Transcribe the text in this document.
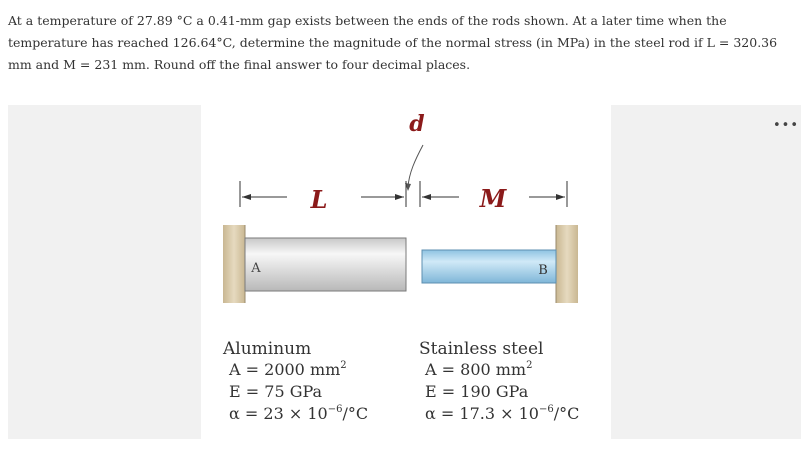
At a temperature of 27.89 °C a 0.41-mm gap exists between the ends of the rods shown. At a later time when the temperature has reached 126.64°C, determine the magnitude of the normal stress (in MPa) in the steel rod if L = 320.36 mm and M = 231 mm. Round off the final answer to four decimal places.
•••
d
L	M
A	B
Aluminum
A = 2000 $mm^2$
E = 75 GPa
$\alpha = 23 \times 10^{-6}/^\circ C$
Stainless steel
A = 800 $mm^2$
E = 190 GPa
$\alpha = 17.3 \times 10^{-6}/^\circ C$
